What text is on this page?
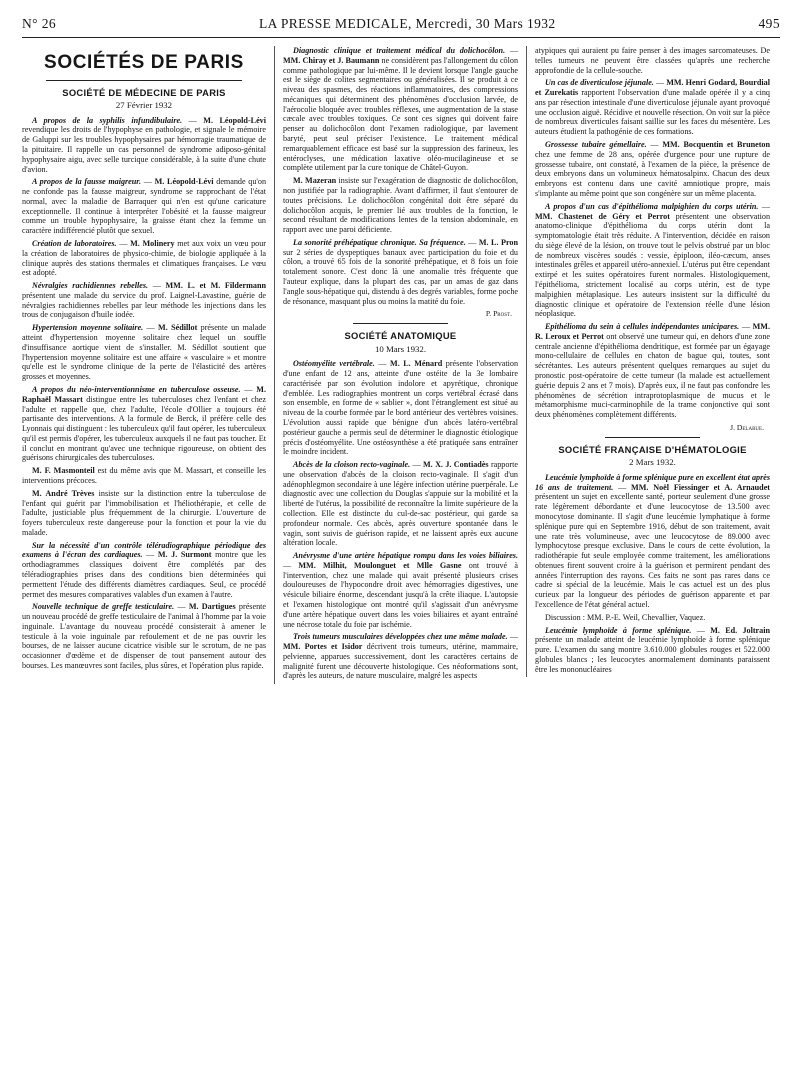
N° 26	LA PRESSE MEDICALE, Mercredi, 30 Mars 1932	495
SOCIÉTÉS DE PARIS
SOCIÉTÉ DE MÉDECINE DE PARIS
27 Février 1932

A propos de la syphilis infundibulaire. — M. Léopold-Lévi revendique les droits de l'hypophyse en pathologie, et signale le mémoire de Galuppi sur les troubles hypophysaires par hémorragie traumatique de la pituitaire. Il rappelle un cas personnel de syndrome adiposo-génital hypophysaire aigu, avec selle turcique considérable, à la suite d'une chute d'avion.

A propos de la fausse maigreur. — M. Léopold-Lévi demande qu'on ne confonde pas la fausse maigreur, syndrome se rapprochant de l'état normal, avec la maladie de Barraquer qui n'en est qu'une caricature exceptionnelle. Il continue à interpréter l'obésité et la fausse maigreur comme un trouble hypophysaire, la graisse étant chez la femme un caractère indifférencié plutôt que sexuel.

Création de laboratoires. — M. Molinery met aux voix un vœu pour la création de laboratoires de physico-chimie, de biologie appliquée à la clinique auprès des stations thermales et climatiques françaises. Le vœu est adopté.

Névralgies rachidiennes rebelles. — MM. L. et M. Fildermann présentent une malade du service du prof. Laignel-Lavastine, guérie de névralgies rachidiennes rebelles par leur méthode les injections dans les trous de conjugaison d'huile iodée.

Hypertension moyenne solitaire. — M. Sédillot présente un malade atteint d'hypertension moyenne solitaire chez lequel un souffle d'insuffisance aortique vient de s'installer. M. Sédillot soutient que l'hypertension moyenne solitaire est une affaire « vasculaire » et montre qu'elle est le syndrome clinique de la perte de l'élasticité des artères grosses et moyennes.

A propos du néo-interventionnisme en tuberculose osseuse. — M. Raphaël Massart distingue entre les tuberculoses chez l'enfant et chez l'adulte et rappelle que, chez l'adulte, l'école d'Ollier a toujours été partisante des interventions. A la formule de Berck, il préfère celle des Lyonnais qui distinguent : les tuberculeux qu'il faut opérer, les tuberculeux qu'il est permis d'opérer, les tuberculeux auxquels il ne faut pas toucher. Et il conclut en montrant qu'avec une technique rigoureuse, on obtient des guérisons chirurgicales des tuberculoses.

M. F. Masmonteil est du même avis que M. Massart, et conseille les interventions précoces.

M. André Trèves insiste sur la distinction entre la tuberculose de l'enfant qui guérit par l'immobilisation et l'héliothérapie, et celle de l'adulte, justiciable plus fréquemment de la chirurgie. L'ouverture de foyers tuberculeux reste dangereuse pour la fonction et pour la vie du malade.

Sur la nécessité d'un contrôle téléradiographique périodique des examens à l'écran des cardiaques. — M. J. Surmont montre que les orthodiagrammes classiques doivent être complétés par des téléradiographies prises dans des conditions bien déterminées qui permettent l'étude des différents diamètres cardiaques. Seul, ce procédé permet des mesures comparatives valables d'un examen à l'autre.

Nouvelle technique de greffe testiculaire. — M. Dartigues présente un nouveau procédé de greffe testiculaire de l'animal à l'homme par la voie inguinale. L'avantage du nouveau procédé consisterait à amener le testicule à la voie inguinale par refoulement et de ne pas ouvrir les bourses, de ne laisser aucune cicatrice visible sur le scrotum, de ne pas occasionner d'œdème et de dispenser de tout pansement autour des bourses. Les manœuvres sont faciles, plus sûres, et l'opération plus rapide.

Diagnostic clinique et traitement médical du dolichocôlon. — MM. Chiray et J. Baumann ne considèrent pas l'allongement du côlon comme pathologique par lui-même. Il le devient lorsque l'angle gauche est le siège de colites segmentaires ou généralisées. Il se produit à ce niveau des spasmes, des réactions inflammatoires, des compressions mécaniques qui déterminent des phénomènes d'occlusion larvée, de l'aérocolie bloquée avec troubles réflexes, une augmentation de la stase cæcale avec troubles toxiques. Ce sont ces signes qui doivent faire penser au dolichocôlon dont l'examen radiologique, par lavement baryté, peut seul préciser l'existence. Le traitement médical remarquablement efficace est basé sur la suppression des farineux, les entéroclyses, une médication laxative oléo-mucilagineuse et se complète utilement par la cure tonique de Châtel-Guyon.

M. Mazeran insiste sur l'exagération de diagnostic de dolichocôlon, non justifiée par la radiographie. Avant d'affirmer, il faut s'entourer de toutes précisions. Le dolichocôlon congénital doit être séparé du dolichocôlon acquis, le premier lié aux troubles de la fonction, le second résultant de modifications lentes de la tension abdominale, en rapport avec une paroi déficiente.

La sonorité préhépatique chronique. Sa fréquence. — M. L. Pron sur 2 séries de dyspeptiques banaux avec participation du foie et du côlon, a trouvé 65 fois de la sonorité préhépatique, et 8 fois un foie totalement sonore. C'est donc là une anomalie très fréquente que l'auteur explique, dans la plupart des cas, par un amas de gaz dans l'angle sous-hépatique qui, distendu à des degrés variables, forme poche de résonance, masquant plus ou moins la matité du foie.

P. Prost.
SOCIÉTÉ ANATOMIQUE
10 Mars 1932.

Ostéomyélite vertébrale. — M. L. Ménard présente l'observation d'une enfant de 12 ans, atteinte d'une ostéite de la 3e lombaire caractérisée par son évolution indolore et apyrétique, chronique d'emblée. Les radiographies montrent un corps vertébral écrasé dans son ensemble, en forme de « sablier », dont l'étranglement est situé au niveau de la courbe formée par le bord antérieur des vertèbres voisines. L'évolution aussi rapide que bénigne d'un abcès latéro-vertébral postérieur gauche a permis seul de déterminer le diagnostic étiologique précis d'ostéomyélite. Une ostéosynthèse a été pratiquée sans entraîner le moindre incident.

Abcès de la cloison recto-vaginale. — M. X. J. Contiadès rapporte une observation d'abcès de la cloison recto-vaginale. Il s'agit d'un adénophlegmon secondaire à une légère infection utérine puerpérale. Le diagnostic avec une collection du Douglas s'appuie sur la mobilité et la liberté de l'utérus, la possibilité de reconnaître la limite supérieure de la collection. Elle est distincte du cul-de-sac postérieur, qui garde sa profondeur normale. Ces abcès, après ouverture spontanée dans le vagin, sont suivis de guérison rapide, et ne laissent après eux aucune altération locale.

Anévrysme d'une artère hépatique rompu dans les voies biliaires. — MM. Milhit, Moulonguet et Mlle Gasne ont trouvé à l'intervention, chez une malade qui avait présenté plusieurs crises douloureuses de l'hypocondre droit avec hémorragies digestives, une vésicule biliaire énorme, descendant jusqu'à la crête iliaque. L'autopsie et l'examen histologique ont montré qu'il s'agissait d'un anévrysme d'une artère hépatique ouvert dans les voies biliaires et ayant entraîné une nécrose totale du foie par ischémie.

Trois tumeurs musculaires développées chez une même malade. — MM. Portes et Isidor décrivent trois tumeurs, utérine, mammaire, pelvienne, apparues successivement, dont les caractères certains de malignité furent une découverte histologique. Ces néoformations sont, d'après les auteurs, de nature musculaire, malgré les aspects

atypiques qui auraient pu faire penser à des images sarcomateuses. De telles tumeurs ne peuvent être classées qu'après une recherche approfondie de la cellule-souche.

Un cas de diverticulose jéjunale. — MM. Henri Godard, Bourdial et Zurekatis rapportent l'observation d'une malade opérée il y a cinq ans par résection intestinale d'une diverticulose jéjunale ayant provoqué une occlusion aiguë. Récidive et nouvelle résection. On voit sur la pièce de nombreux diverticules faisant saillie sur les faces du mésentère. Les auteurs étudient la pathogénie de ces formations.

Grossesse tubaire gémellaire. — MM. Bocquentin et Bruneton chez une femme de 28 ans, opérée d'urgence pour une rupture de grossesse tubaire, ont constaté, à l'examen de la pièce, la présence de deux embryons dans un volumineux hématosalpinx. Chacun des deux embryons est contenu dans une cavité amniotique propre, mais s'implante au même point que son congénère sur un même placenta.

A propos d'un cas d'épithélioma malpighien du corps utérin. — MM. Chastenet de Géry et Perrot présentent une observation anatomo-clinique d'épithélioma du corps utérin dont la symptomatologie était très réduite. A l'intervention, décidée en raison du siège élevé de la lésion, on trouve tout le pelvis obstrué par un bloc de nombreux viscères soudés : vessie, épiploon, iléo-cæcum, anses intestinales grêles et appareil utéro-annexiel. L'utérus put être cependant extirpé et les suites opératoires furent normales. Histologiquement, l'épithélioma, strictement localisé au corps utérin, est de type malpighien métaplasique. Les auteurs insistent sur la difficulté du diagnostic clinique et opératoire de l'extension réelle d'une lésion néoplasique.

Epithélioma du sein à cellules indépendantes unicipares. — MM. R. Leroux et Perrot ont observé une tumeur qui, en dehors d'une zone centrale ancienne d'épithélioma dendritique, est formée par un égayage mono-cellulaire de cellules en chaton de bague qui, toutes, sont sécrétantes. Les auteurs présentent quelques remarques au sujet du pronostic post-opératoire de cette tumeur (la malade est actuellement guérie depuis 2 ans et 7 mois). D'après eux, il ne faut pas confondre les phénomènes de sécrétion intraprotoplasmique de mucus et le métamorphisme muci-carminophile de la trame conjonctive qui sont deux phénomènes complètement différents.

J. Delarue.
SOCIÉTÉ FRANÇAISE D'HÉMATOLOGIE
2 Mars 1932.

Leucémie lymphoïde à forme splénique pure en excellent état après 16 ans de traitement. — MM. Noël Fiessinger et A. Arnaudet présentent un sujet en excellente santé, porteur seulement d'une grosse rate légèrement débordante et d'une leucocytose de 13.500 avec monocytose dominante. Il s'agit d'une leucémie lymphatique à forme splénique pure qui en Septembre 1916, début de son traitement, avait une rate très volumineuse, avec une leucocytose de 89.000 avec lymphocytose presque exclusive. Dans le cours de cette évolution, la radiothérapie fut seule employée comme traitement, les améliorations obtenues firent souvent croire à la guérison et permirent pendant des années l'interruption des rayons. Ces faits ne sont pas rares dans ce cadre si spécial de la leucémie. Mais le cas actuel est un des plus curieux par la longueur des périodes de guérison apparente et par l'excellence de l'état général actuel.

Discussion : MM. P.-E. Weil, Chevallier, Vaquez.

Leucémie lymphoïde à forme splénique. — M. Ed. Joltrain présente un malade atteint de leucémie lymphoïde à forme splénique pure. L'examen du sang montre 3.610.000 globules rouges et 522.000 globules blancs ; les leucocytes anormalement dominants paraissent être les mononucléaires
